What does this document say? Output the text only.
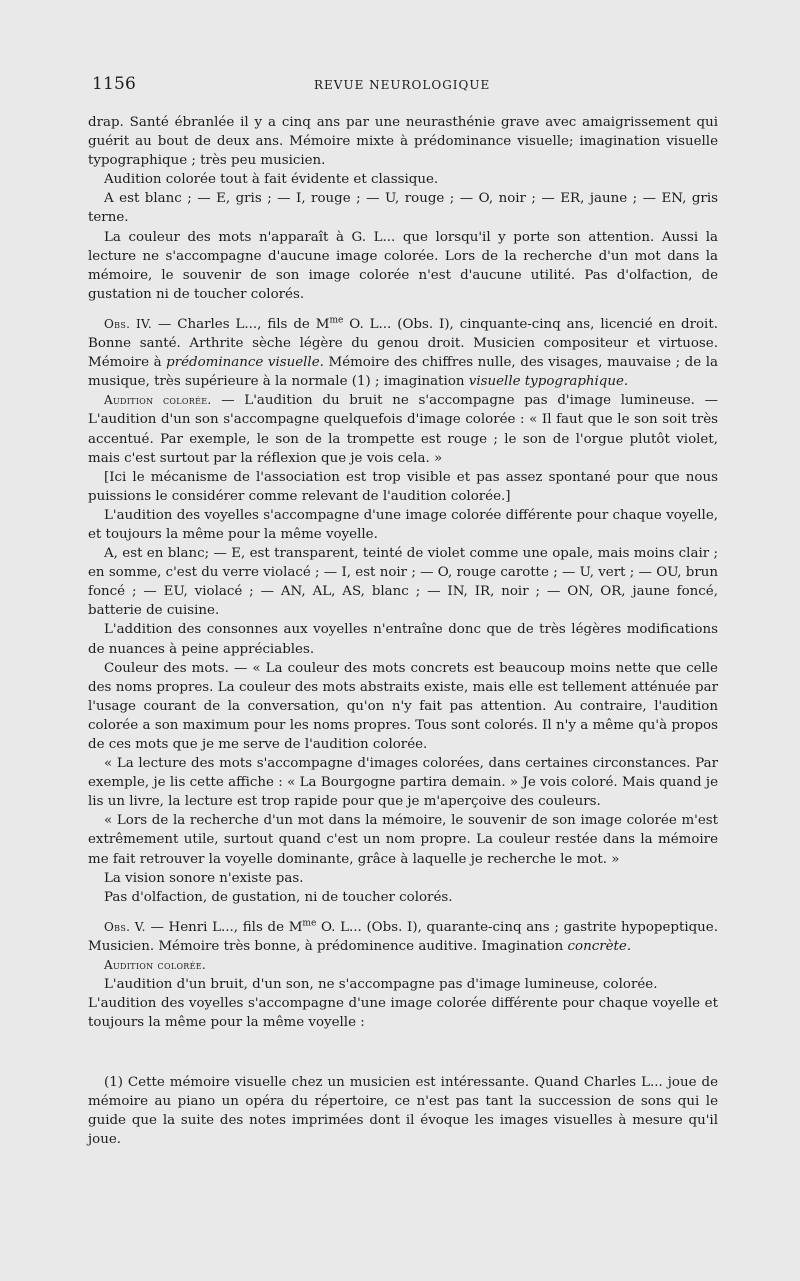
1156	REVUE NEUROLOGIQUE

drap. Santé ébranlée il y a cinq ans par une neurasthénie grave avec amaigrissement qui guérit au bout de deux ans. Mémoire mixte à prédominance visuelle; imagination visuelle typographique ; très peu musicien.

Audition colorée tout à fait évidente et classique.

A est blanc ; — E, gris ; — I, rouge ; — U, rouge ; — O, noir ; — ER, jaune ; — EN, gris terne.

La couleur des mots n'apparaît à G. L... que lorsqu'il y porte son attention. Aussi la lecture ne s'accompagne d'aucune image colorée. Lors de la recherche d'un mot dans la mémoire, le souvenir de son image colorée n'est d'aucune utilité. Pas d'olfaction, de gustation ni de toucher colorés.

Obs. IV. — Charles L..., fils de $M^{me}$ O. L... (Obs. I), cinquante-cinq ans, licencié en droit. Bonne santé. Arthrite sèche légère du genou droit. Musicien compositeur et virtuose. Mémoire à prédominance visuelle. Mémoire des chiffres nulle, des visages, mauvaise ; de la musique, très supérieure à la normale (1) ; imagination visuelle typographique.

Audition colorée. — L'audition du bruit ne s'accompagne pas d'image lumineuse. — L'audition d'un son s'accompagne quelquefois d'image colorée : « Il faut que le son soit très accentué. Par exemple, le son de la trompette est rouge ; le son de l'orgue plutôt violet, mais c'est surtout par la réflexion que je vois cela. »

[Ici le mécanisme de l'association est trop visible et pas assez spontané pour que nous puissions le considérer comme relevant de l'audition colorée.]

L'audition des voyelles s'accompagne d'une image colorée différente pour chaque voyelle, et toujours la même pour la même voyelle.

A, est en blanc; — E, est transparent, teinté de violet comme une opale, mais moins clair ; en somme, c'est du verre violacé ; — I, est noir ; — O, rouge carotte ; — U, vert ; — OU, brun foncé ; — EU, violacé ; — AN, AL, AS, blanc ; — IN, IR, noir ; — ON, OR, jaune foncé, batterie de cuisine.

L'addition des consonnes aux voyelles n'entraîne donc que de très légères modifications de nuances à peine appréciables.

Couleur des mots. — « La couleur des mots concrets est beaucoup moins nette que celle des noms propres. La couleur des mots abstraits existe, mais elle est tellement atténuée par l'usage courant de la conversation, qu'on n'y fait pas attention. Au contraire, l'audition colorée a son maximum pour les noms propres. Tous sont colorés. Il n'y a même qu'à propos de ces mots que je me serve de l'audition colorée.

« La lecture des mots s'accompagne d'images colorées, dans certaines circonstances. Par exemple, je lis cette affiche : « La Bourgogne partira demain. » Je vois coloré. Mais quand je lis un livre, la lecture est trop rapide pour que je m'aperçoive des couleurs.

« Lors de la recherche d'un mot dans la mémoire, le souvenir de son image colorée m'est extrêmement utile, surtout quand c'est un nom propre. La couleur restée dans la mémoire me fait retrouver la voyelle dominante, grâce à laquelle je recherche le mot. »

La vision sonore n'existe pas.

Pas d'olfaction, de gustation, ni de toucher colorés.

Obs. V. — Henri L..., fils de $M^{me}$ O. L... (Obs. I), quarante-cinq ans ; gastrite hypopeptique. Musicien. Mémoire très bonne, à prédominence auditive. Imagination concrète.

Audition colorée.

L'audition d'un bruit, d'un son, ne s'accompagne pas d'image lumineuse, colorée.

L'audition des voyelles s'accompagne d'une image colorée différente pour chaque voyelle et toujours la même pour la même voyelle :

(1) Cette mémoire visuelle chez un musicien est intéressante. Quand Charles L... joue de mémoire au piano un opéra du répertoire, ce n'est pas tant la succession de sons qui le guide que la suite des notes imprimées dont il évoque les images visuelles à mesure qu'il joue.
